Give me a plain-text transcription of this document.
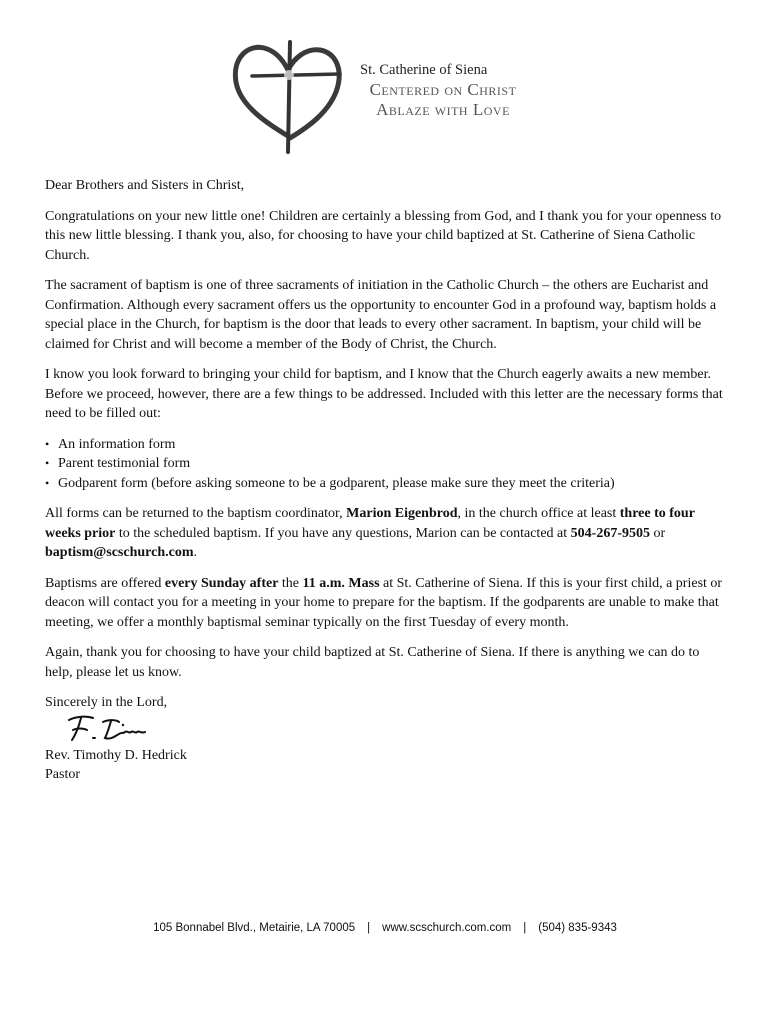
St. Catherine of Siena
Centered on Christ
Ablaze with Love

Dear Brothers and Sisters in Christ,

Congratulations on your new little one! Children are certainly a blessing from God, and I thank you for your openness to this new little blessing. I thank you, also, for choosing to have your child baptized at St. Catherine of Siena Catholic Church.

The sacrament of baptism is one of three sacraments of initiation in the Catholic Church – the others are Eucharist and Confirmation. Although every sacrament offers us the opportunity to encounter God in a profound way, baptism holds a special place in the Church, for baptism is the door that leads to every other sacrament. In baptism, your child will be claimed for Christ and will become a member of the Body of Christ, the Church.

I know you look forward to bringing your child for baptism, and I know that the Church eagerly awaits a new member. Before we proceed, however, there are a few things to be addressed. Included with this letter are the necessary forms that need to be filled out:

• An information form
• Parent testimonial form
• Godparent form (before asking someone to be a godparent, please make sure they meet the criteria)

All forms can be returned to the baptism coordinator, Marion Eigenbrod, in the church office at least three to four weeks prior to the scheduled baptism. If you have any questions, Marion can be contacted at 504-267-9505 or baptism@scschurch.com.

Baptisms are offered every Sunday after the 11 a.m. Mass at St. Catherine of Siena. If this is your first child, a priest or deacon will contact you for a meeting in your home to prepare for the baptism. If the godparents are unable to make that meeting, we offer a monthly baptismal seminar typically on the first Tuesday of every month.

Again, thank you for choosing to have your child baptized at St. Catherine of Siena. If there is anything we can do to help, please let us know.

Sincerely in the Lord,

Rev. Timothy D. Hedrick

Pastor

105 Bonnabel Blvd., Metairie, LA 70005 | www.scschurch.com.com | (504) 835-9343
